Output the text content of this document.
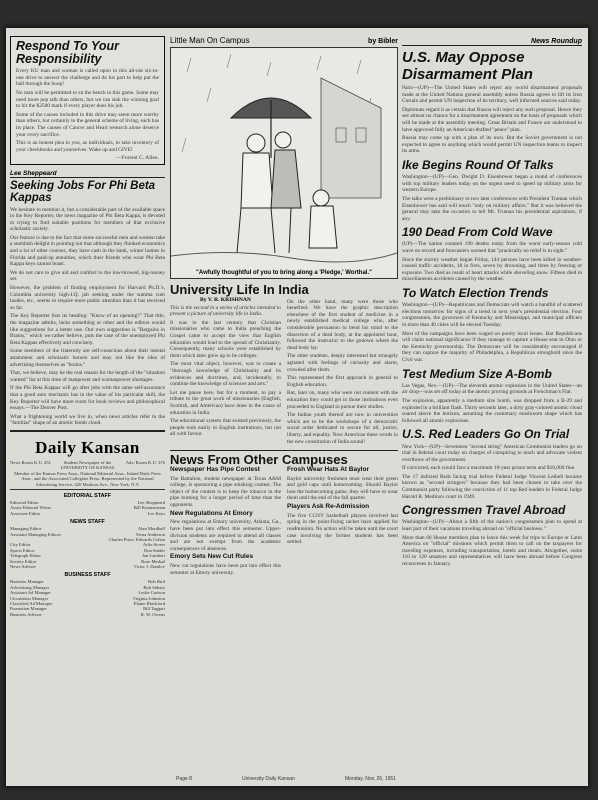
Respond To Your Responsibility

Every KU man and woman is called upon in this all-out six-in-one drive to answer the challenge and do his part to help put the ball through the hoop!

No man will be permitted to sit the bench in this game. Some may need more pep talk than others, but we can sink the winning goal to hit the $2500 mark if every player does his job.

Some of the causes included in this drive may seem more worthy than others, but certainly in the general scheme of living, each has its place. The causes of Cancer and Heart research alone deserve your every sacrifice.

This is an honest plea to you, as individuals, to take inventory of your checkbooks and yourselves. Wake up and GIVE!

—Forrest C. Allen.
Lee Sheppeard
Seeking Jobs For Phi Beta Kappas

We hesitate to mention it, but a considerable part of the available space in the Key Reporter, the news magazine of Phi Beta Kappa, is devoted to trying to find suitable positions for members of that exclusive scholastic society.

Our feature is due to the fact that some successful men and women take a snobbish delight in pointing out that although they flunked economics and a lot of other courses, they have cash in the bank, winter homes in Florida and paid-up annuities, which their friends who wear Phi Beta Kappa keys cannot boast.

We do not care to give aid and comfort to the low-browed, big-money set.

However, the problem of finding employment for Harvard Ph.D.'s, Columbia university high-I.Q. job seeking under the summa cum laudes, etc., seems to require more public attention than it has received so far.

The Key Reporter lists its heading: "Know of an opening?" That title, the magazine admits, lacks something or other and the editors would like suggestions for a better one. Our own suggestion is "Bargains in Brains," which we rather believe, puts the case of the unemployed Phi Beta Kappas effectively and concisely.

Some members of the fraternity are self-conscious about their mental attainment and scholastic honors and may not like the idea of advertising themselves as "brains."

That, we believe, may be the real reason for the length of the "situation wanted" list at this time of manpower and womanpower shortages.

If the Phi Beta Kappas will go after jobs with the same self-assurance that a good auto mechanic has in the value of his particular skill, the Key Reporter will have more room for book reviews and philosophical essays.—The Denver Post.

What a frightening world we live in, when news articles refer to the "familiar" shape of an atomic bomb cloud.

Daily Kansan
News Room K.U. 251	Student Newspaper of the UNIVERSITY OF KANSAS
Adv. Room K.U. 376
Member of the Kansas Press Assn., National Editorial Assn., Inland Daily Press Assn., and the Associated Collegiate Press. Represented by the National Advertising Service, 420 Madison Ave., New York, N.Y.
EDITORIAL STAFF
Editorial Editor	Lee Sheppeard
Assist Editorial Writer	Bill Kimmerman
Associate Editor	Lee Keys
NEWS STAFF
Managing Editor	Alan Mordhall
Assistant Managing Editors	Verna Anderson
Charles Prioe, Edwards Cohen
City Editor	Arlie Sivers
Sports Editor	Don Snider
Telegraph Editor	Jan Lambert
Society Editor	Rose Medsal
News Adviser	Victor J. Danilov
BUSINESS STAFF
Business Manager	Bob Bird
Advertising Manager	Bob Sidney
Assistant Ad Manager	Leslie Carlson
Circulation Manager	Virginia Johnston
Classified Ad Manager	Elaine Blackford
Promotion Manager	Bill Taggart
Business Adviser	R. W. Owens
Little Man On Campus	by Bibler
"Awfully thoughtful of you to bring along a 'Pledge,' Worthal."
University Life In India
By V. R. KRISHNAN

This is the second in a series of articles intended to present a picture of university life in India.

It was in the last century that Christian missionaries who came to India preaching the Gospel came to accept the view that English education would lead to the spread of Christianity. Consequently, many schools were established by them which later grew up to be colleges.

The most vital object, however, was to create a "thorough knowledge of Christianity and its evidences and doctrines, and, incidentally, to combine the knowledge of sciences and arts."

Let me pause here, but for a moment, to pay a tribute to the great work of missionaries (English, Scottish, and American) have done in the cause of education in India.

The educational system that existed previously, the people took easily to English institutions, but not all with favour.

On the other hand, many were those who benefited. We have the graphic description elsewhere of the first student of medicine in a newly established medical college who, after considerable persuasion to bend his mind to the dissection of a dead body, at the appointed hour, followed the instructor to the godown where the dead body lay.

The other students, deeply interested but strangely agitated with feelings of curiosity and alarm, crowded after them.

This represented the first approach in general to English education.

But, later on, many who were not content with the education they could get in those institutions even proceeded to England to pursue their studies.

The Indian youth thereof are now in universities which are to be the workshops of a democratic social order dedicated to secure for all, justice, liberty, and equality. Now American these words in the new constitution of India sound!

News From Other Campuses
Newspaper Has Pipe Contest

The Battalion, student newspaper at Texas A&M college, is sponsoring a pipe smoking contest. The object of the contest is to keep the tobacco in the pipe burning for a longer period of time than the opponents.

New Regulations At Emory

New regulations at Emory university, Atlanta, Ga., have been put into effect this semester. Upper-division students are required to attend all classes and are not exempt from the academic consequences of absences.

Emory Sets New Cut Rules

New cut regulations have been put into effect this semester at Emory university.

Frosh Wear Hats At Baylor

Baylor university freshmen must wear their green and gold caps until homecoming. Should Baylor lose the homecoming game, they will have to wear them until the end of the fall quarter.

Players Ask Re-Admission

The five CCNY basketball players involved last spring in the point-fixing racket have applied for readmission. No action will be taken until the court case involving the former students has been settled.

News Roundup
U.S. May Oppose Disarmament Plan

Paris—(UP)—The United States will reject any world disarmament proposals made at the United Nations general assembly unless Russia agrees to lift its Iron Curtain and permit UN inspection of its territory, well informed sources said today.

Diplomats regard it as certain that Russia will reject any such proposal. Hence they see almost no chance for a disarmament agreement on the basis of proposals which will be made at the assembly meeting. Great Britain and France are understood to have approved fully an American-drafted "peace" plan.

Russia may come up with a plan of its own. But the Soviet government is not expected to agree to anything which would permit UN inspection teams to inspect its arms.

Ike Begins Round Of Talks

Washington—(UP)—Gen. Dwight D. Eisenhower began a round of conferences with top military leaders today on the urgent need to speed up military arms for western Europe.

The talks were a preliminary to two later conferences with President Truman which Eisenhower has said will touch "only on military affairs." But it was believed the general may take the occasion to tell Mr. Truman his presidential aspirations, if any.

190 Dead From Cold Wave

(UP)—The nation counted 190 deaths today from the worst early-season cold wave on record and forecasters warned that "practically no relief is in sight."

Since the stormy weather began Friday, 144 persons have been killed in weather-caused traffic accidents, 18 in fires, seven by drowning, and three by freezing or exposure. Two died as result of heart attacks while shoveling snow. Fifteen died in miscellaneous accidents caused by the weather.

To Watch Election Trends

Washington—(UP)—Republicans and Democrats will watch a handful of scattered elections tomorrow for signs of a trend in next year's presidential election. Four congressmen, the governors of Kentucky and Mississippi, and municipal officers in more than 40 cities will be elected Tuesday.

Most of the campaigns have been waged on purely local issues. But Republicans will claim national significance if they manage to capture a House seat in Ohio or the Kentucky governorship. The Democrats will be considerably encouraged if they can capture the majority of Philadelphia, a Republican stronghold since the Civil war.

Test Medium Size A-Bomb

Las Vegas, Nev.—(UP)—The eleventh atomic explosion in the United States—an air drop—was set off today at the atomic proving grounds at Frenchman's Flat.

The explosion, apparently a medium size bomb, was dropped from a B-29 and exploded in a brilliant flash. Thirty seconds later, a dirty gray-colored atomic cloud soared above the horizon, assuming the customary mushroom shape which has followed all atomic explosions.

U.S. Red Leaders Go On Trial

New York—(UP)—Seventeen "second string" American Communist leaders go on trial in federal court today on charges of conspiring to teach and advocate violent overthrow of the government.

If convicted, each would face a maximum 10-year prison term and $10,000 fine.

The 17 indicted Reds facing trial before Federal Judge Vincent Leibell became known as "second stringers" because they had been chosen to take over the Communist party following the conviction of 11 top Red leaders in Federal Judge Harold R. Medina's court in 1949.

Congressmen Travel Abroad

Washington—(UP)—About a fifth of the nation's congressmen plan to spend at least part of their vacations traveling abroad on "official business."

More than 60 House members plan to leave this week for trips to Europe or Latin America on "official" missions which permit them to call on the taxpayers for traveling expenses, including transportation, hotels and meals. Altogether, some 110 to 120 senators and representatives will have been abroad before Congress reconvenes in January.

Page 8	University Daily Kansan	Monday, Nov. 26, 1951
